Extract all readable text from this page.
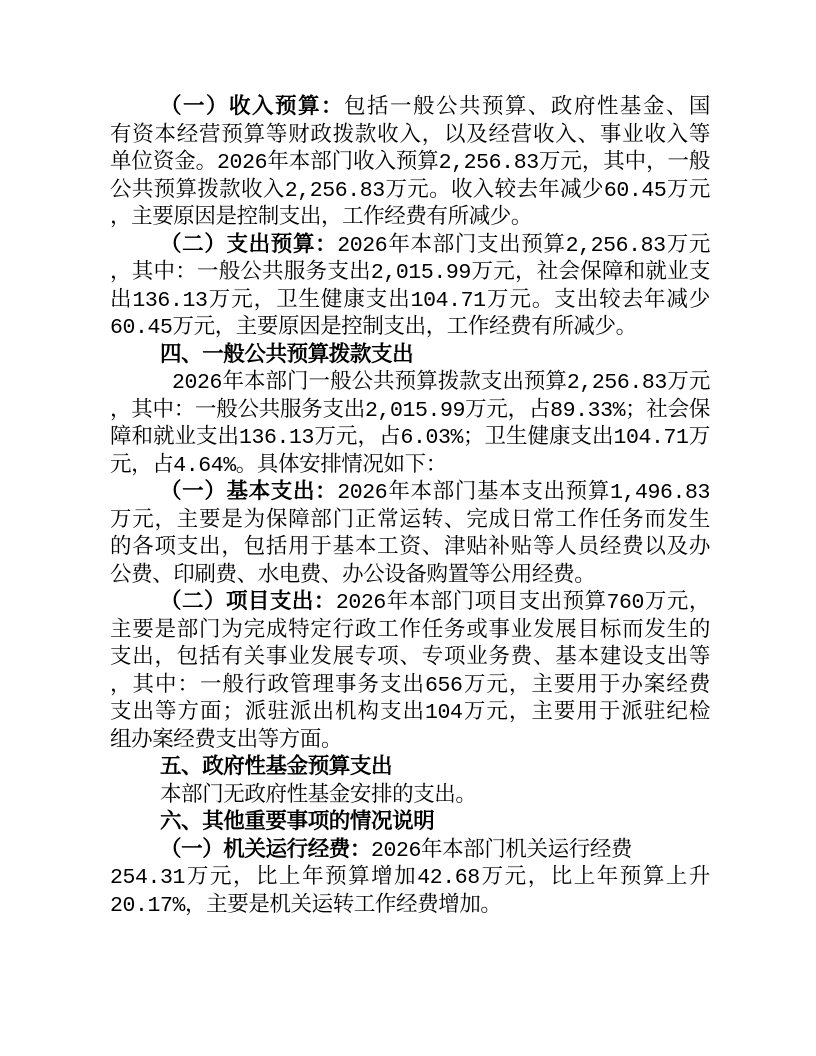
（一）收入预算：包括一般公共预算、政府性基金、国
有资本经营预算等财政拨款收入，以及经营收入、事业收入等
单位资金。2026年本部门收入预算2,256.83万元，其中，一般
公共预算拨款收入2,256.83万元。收入较去年减少60.45万元
，主要原因是控制支出，工作经费有所减少。
（二）支出预算：2026年本部门支出预算2,256.83万元
，其中：一般公共服务支出2,015.99万元，社会保障和就业支
出136.13万元，卫生健康支出104.71万元。支出较去年减少
60.45万元，主要原因是控制支出，工作经费有所减少。
四、一般公共预算拨款支出
2026年本部门一般公共预算拨款支出预算2,256.83万元
，其中：一般公共服务支出2,015.99万元，占89.33%；社会保
障和就业支出136.13万元，占6.03%；卫生健康支出104.71万
元，占4.64%。具体安排情况如下：
（一）基本支出：2026年本部门基本支出预算1,496.83
万元，主要是为保障部门正常运转、完成日常工作任务而发生
的各项支出，包括用于基本工资、津贴补贴等人员经费以及办
公费、印刷费、水电费、办公设备购置等公用经费。
（二）项目支出：2026年本部门项目支出预算760万元，
主要是部门为完成特定行政工作任务或事业发展目标而发生的
支出，包括有关事业发展专项、专项业务费、基本建设支出等
，其中：一般行政管理事务支出656万元，主要用于办案经费
支出等方面；派驻派出机构支出104万元，主要用于派驻纪检
组办案经费支出等方面。
五、政府性基金预算支出
本部门无政府性基金安排的支出。
六、其他重要事项的情况说明
（一）机关运行经费：2026年本部门机关运行经费
254.31万元，比上年预算增加42.68万元，比上年预算上升
20.17%，主要是机关运转工作经费增加。
